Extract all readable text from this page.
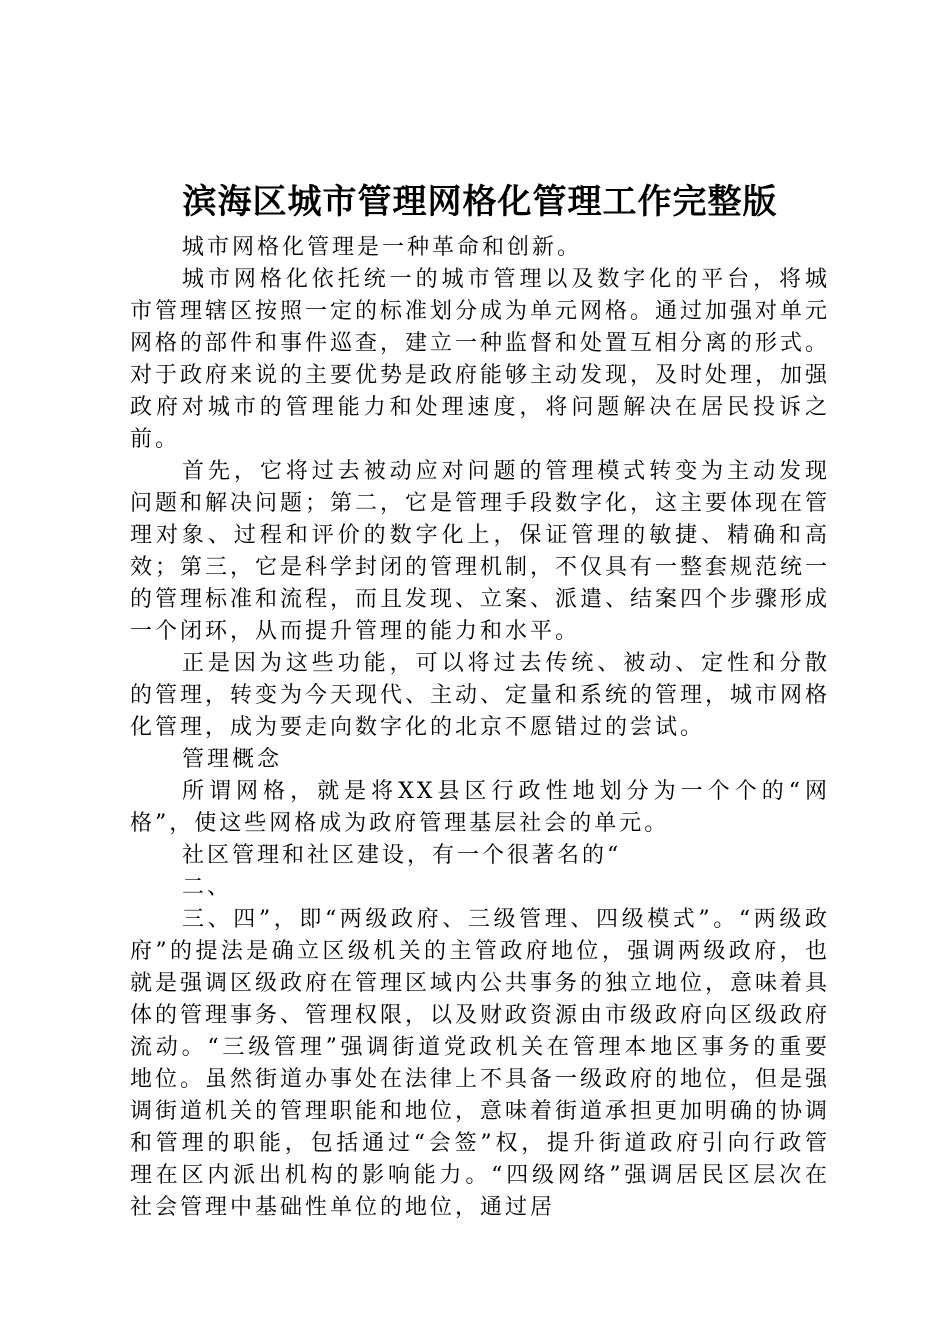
滨海区城市管理网格化管理工作完整版

城市网格化管理是一种革命和创新。

城市网格化依托统一的城市管理以及数字化的平台，将城市管理辖区按照一定的标准划分成为单元网格。通过加强对单元网格的部件和事件巡查，建立一种监督和处置互相分离的形式。对于政府来说的主要优势是政府能够主动发现，及时处理，加强政府对城市的管理能力和处理速度，将问题解决在居民投诉之前。

首先，它将过去被动应对问题的管理模式转变为主动发现问题和解决问题；第二，它是管理手段数字化，这主要体现在管理对象、过程和评价的数字化上，保证管理的敏捷、精确和高效；第三，它是科学封闭的管理机制，不仅具有一整套规范统一的管理标准和流程，而且发现、立案、派遣、结案四个步骤形成一个闭环，从而提升管理的能力和水平。

正是因为这些功能，可以将过去传统、被动、定性和分散的管理，转变为今天现代、主动、定量和系统的管理，城市网格化管理，成为要走向数字化的北京不愿错过的尝试。

管理概念

所谓网格，就是将XX县区行政性地划分为一个个的“网格”，使这些网格成为政府管理基层社会的单元。

社区管理和社区建设，有一个很著名的“

二、

三、四”，即“两级政府、三级管理、四级模式”。“两级政府”的提法是确立区级机关的主管政府地位，强调两级政府，也就是强调区级政府在管理区域内公共事务的独立地位，意味着具体的管理事务、管理权限，以及财政资源由市级政府向区级政府流动。“三级管理”强调街道党政机关在管理本地区事务的重要地位。虽然街道办事处在法律上不具备一级政府的地位，但是强调街道机关的管理职能和地位，意味着街道承担更加明确的协调和管理的职能，包括通过“会签”权，提升街道政府引向行政管理在区内派出机构的影响能力。“四级网络”强调居民区层次在社会管理中基础性单位的地位，通过居
